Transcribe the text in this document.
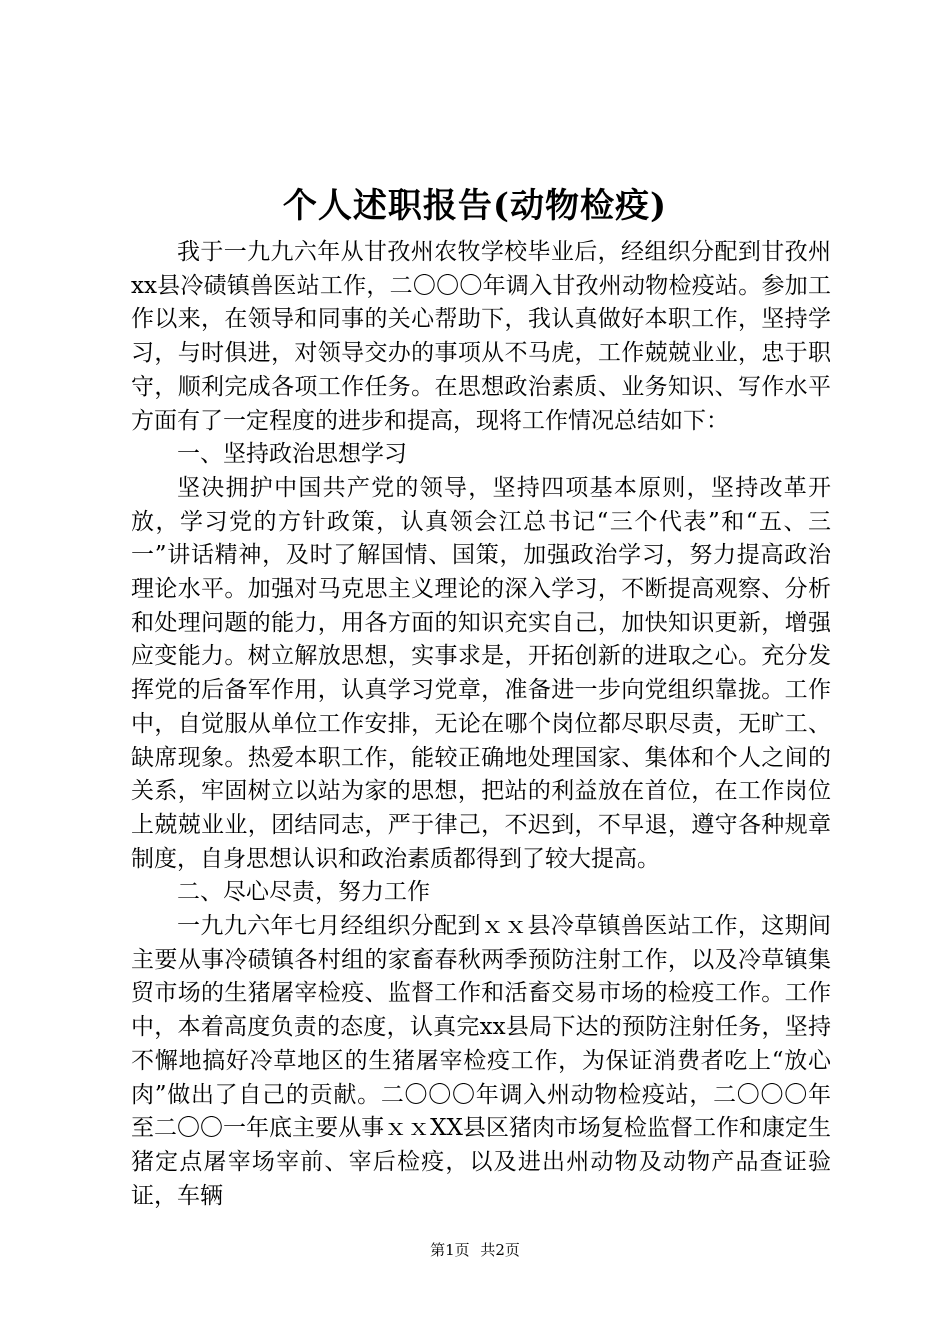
个人述职报告(动物检疫)

我于一九九六年从甘孜州农牧学校毕业后，经组织分配到甘孜州xx县冷碛镇兽医站工作，二〇〇〇年调入甘孜州动物检疫站。参加工作以来，在领导和同事的关心帮助下，我认真做好本职工作，坚持学习，与时俱进，对领导交办的事项从不马虎，工作兢兢业业，忠于职守，顺利完成各项工作任务。在思想政治素质、业务知识、写作水平方面有了一定程度的进步和提高，现将工作情况总结如下：

一、坚持政治思想学习

坚决拥护中国共产党的领导，坚持四项基本原则，坚持改革开放，学习党的方针政策，认真领会江总书记“三个代表”和“五、三一”讲话精神，及时了解国情、国策，加强政治学习，努力提高政治理论水平。加强对马克思主义理论的深入学习，不断提高观察、分析和处理问题的能力，用各方面的知识充实自己，加快知识更新，增强应变能力。树立解放思想，实事求是，开拓创新的进取之心。充分发挥党的后备军作用，认真学习党章，准备进一步向党组织靠拢。工作中，自觉服从单位工作安排，无论在哪个岗位都尽职尽责，无旷工、缺席现象。热爱本职工作，能较正确地处理国家、集体和个人之间的关系，牢固树立以站为家的思想，把站的利益放在首位，在工作岗位上兢兢业业，团结同志，严于律己，不迟到，不早退，遵守各种规章制度，自身思想认识和政治素质都得到了较大提高。

二、尽心尽责，努力工作

一九九六年七月经组织分配到ｘｘ县冷草镇兽医站工作，这期间主要从事冷碛镇各村组的家畜春秋两季预防注射工作，以及冷草镇集贸市场的生猪屠宰检疫、监督工作和活畜交易市场的检疫工作。工作中，本着高度负责的态度，认真完xx县局下达的预防注射任务，坚持不懈地搞好冷草地区的生猪屠宰检疫工作，为保证消费者吃上“放心肉”做出了自己的贡献。二〇〇〇年调入州动物检疫站，二〇〇〇年至二〇〇一年底主要从事ｘｘXX县区猪肉市场复检监督工作和康定生猪定点屠宰场宰前、宰后检疫，以及进出州动物及动物产品查证验证，车辆

第1页 共2页
